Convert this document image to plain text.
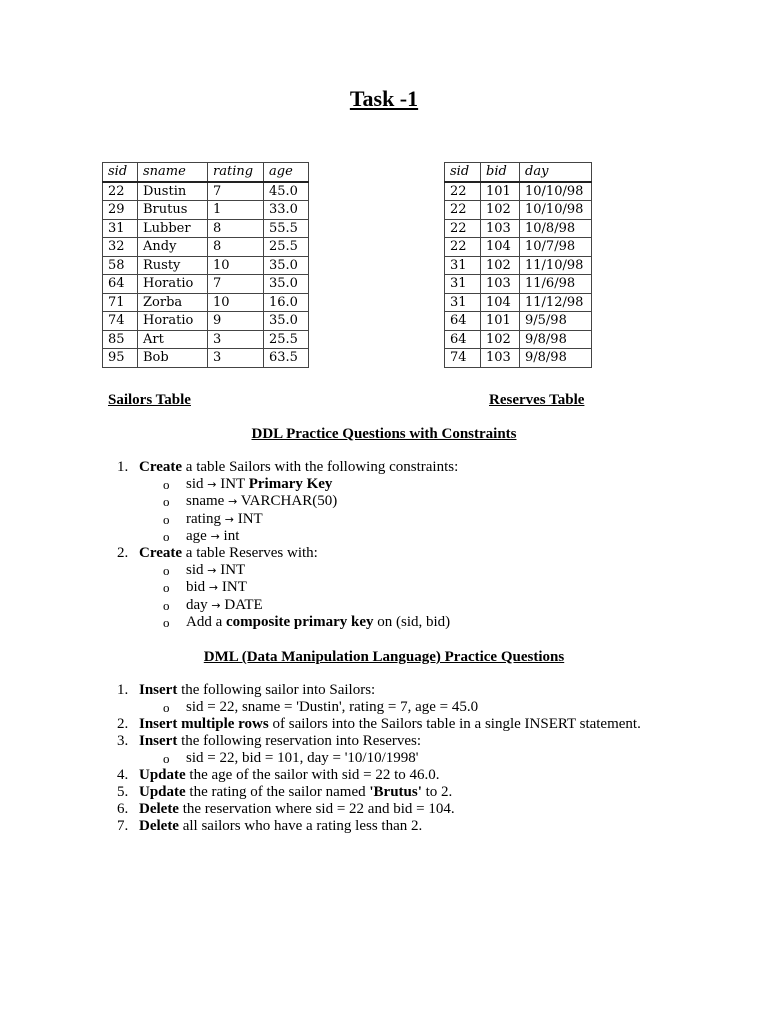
Task -1
sid	sname	rating	age
22	Dustin	7	45.0
29	Brutus	1	33.0
31	Lubber	8	55.5
32	Andy	8	25.5
58	Rusty	10	35.0
64	Horatio	7	35.0
71	Zorba	10	16.0
74	Horatio	9	35.0
85	Art	3	25.5
95	Bob	3	63.5
sid	bid	day
22	101	10/10/98
22	102	10/10/98
22	103	10/8/98
22	104	10/7/98
31	102	11/10/98
31	103	11/6/98
31	104	11/12/98
64	101	9/5/98
64	102	9/8/98
74	103	9/8/98
Sailors Table	Reserves Table
DDL Practice Questions with Constraints
1. Create a table Sailors with the following constraints:
o sid → INT Primary Key
o sname → VARCHAR(50)
o rating → INT
o age → int
2. Create a table Reserves with:
o sid → INT
o bid → INT
o day → DATE
o Add a composite primary key on (sid, bid)
DML (Data Manipulation Language) Practice Questions
1. Insert the following sailor into Sailors:
o sid = 22, sname = 'Dustin', rating = 7, age = 45.0
2. Insert multiple rows of sailors into the Sailors table in a single INSERT statement.
3. Insert the following reservation into Reserves:
o sid = 22, bid = 101, day = '10/10/1998'
4. Update the age of the sailor with sid = 22 to 46.0.
5. Update the rating of the sailor named 'Brutus' to 2.
6. Delete the reservation where sid = 22 and bid = 104.
7. Delete all sailors who have a rating less than 2.
